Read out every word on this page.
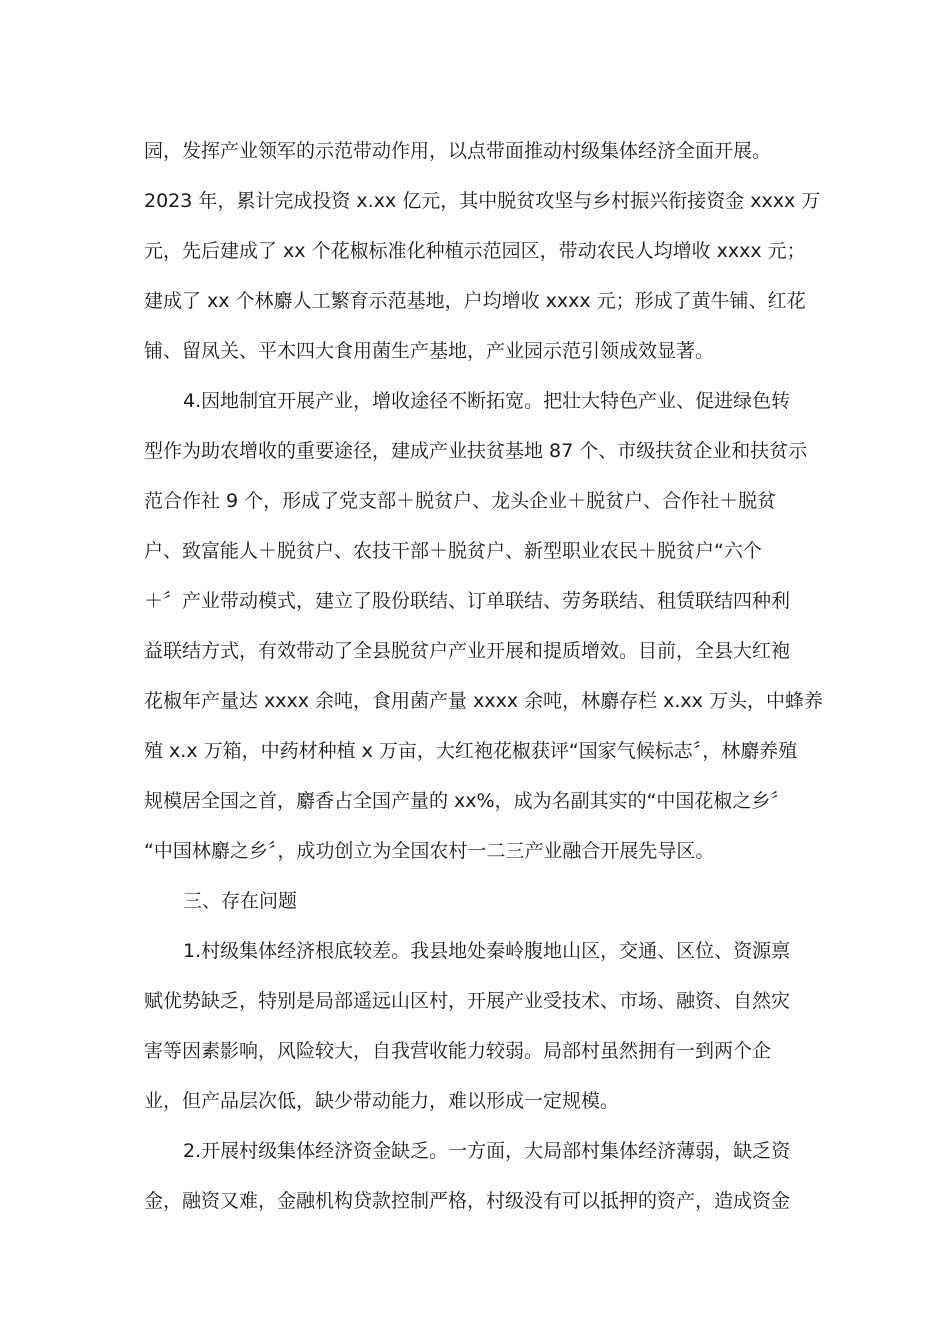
园，发挥产业领军的示范带动作用，以点带面推动村级集体经济全面开展。
2023 年，累计完成投资 x.xx 亿元，其中脱贫攻坚与乡村振兴衔接资金 xxxx 万
元，先后建成了 xx 个花椒标准化种植示范园区，带动农民人均增收 xxxx 元；
建成了 xx 个林麝人工繁育示范基地，户均增收 xxxx 元；形成了黄牛铺、红花
铺、留凤关、平木四大食用菌生产基地，产业园示范引领成效显著。
4.因地制宜开展产业，增收途径不断拓宽。把壮大特色产业、促进绿色转
型作为助农增收的重要途径，建成产业扶贫基地 87 个、市级扶贫企业和扶贫示
范合作社 9 个，形成了党支部＋脱贫户、龙头企业＋脱贫户、合作社＋脱贫
户、致富能人＋脱贫户、农技干部＋脱贫户、新型职业农民＋脱贫户“六个
＋〞产业带动模式，建立了股份联结、订单联结、劳务联结、租赁联结四种利
益联结方式，有效带动了全县脱贫户产业开展和提质增效。目前，全县大红袍
花椒年产量达 xxxx 余吨，食用菌产量 xxxx 余吨，林麝存栏 x.xx 万头，中蜂养
殖 x.x 万箱，中药材种植 x 万亩，大红袍花椒获评“国家气候标志〞，林麝养殖
规模居全国之首，麝香占全国产量的 xx%，成为名副其实的“中国花椒之乡〞
“中国林麝之乡〞，成功创立为全国农村一二三产业融合开展先导区。
三、存在问题
1.村级集体经济根底较差。我县地处秦岭腹地山区，交通、区位、资源禀
赋优势缺乏，特别是局部遥远山区村，开展产业受技术、市场、融资、自然灾
害等因素影响，风险较大，自我营收能力较弱。局部村虽然拥有一到两个企
业，但产品层次低，缺少带动能力，难以形成一定规模。
2.开展村级集体经济资金缺乏。一方面，大局部村集体经济薄弱，缺乏资
金，融资又难，金融机构贷款控制严格，村级没有可以抵押的资产，造成资金
